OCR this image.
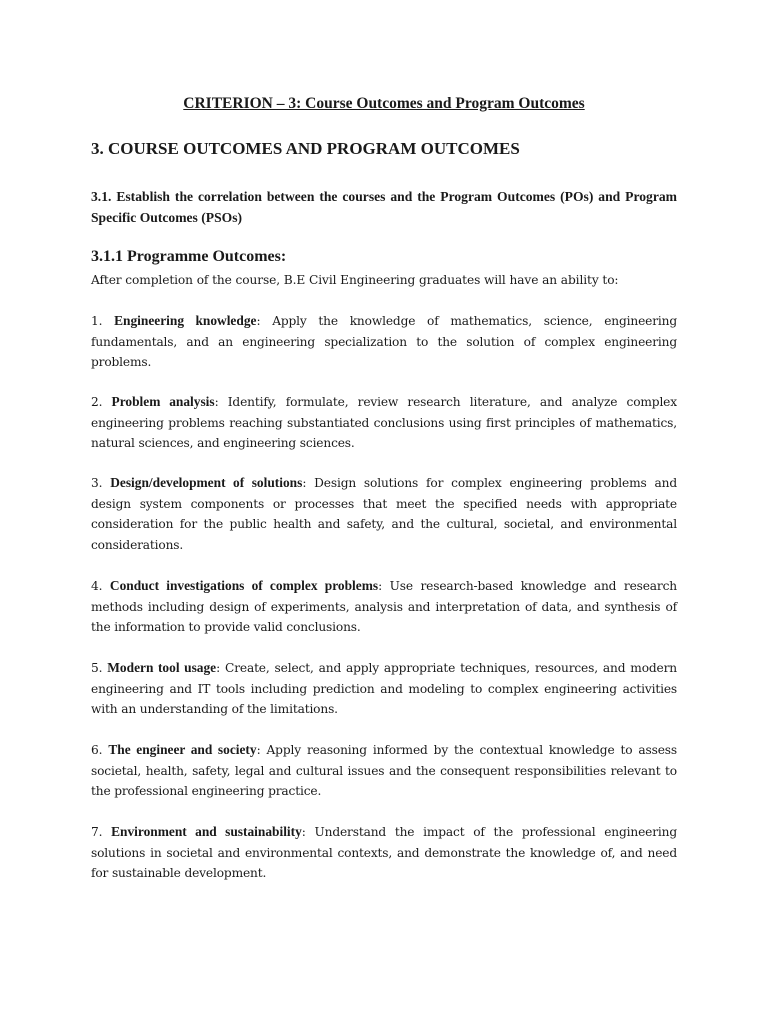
CRITERION – 3: Course Outcomes and Program Outcomes
3. COURSE OUTCOMES AND PROGRAM OUTCOMES
3.1. Establish the correlation between the courses and the Program Outcomes (POs) and Program Specific Outcomes (PSOs)
3.1.1 Programme Outcomes:

After completion of the course, B.E Civil Engineering graduates will have an ability to:

1. Engineering knowledge: Apply the knowledge of mathematics, science, engineering fundamentals, and an engineering specialization to the solution of complex engineering problems.

2. Problem analysis: Identify, formulate, review research literature, and analyze complex engineering problems reaching substantiated conclusions using first principles of mathematics, natural sciences, and engineering sciences.

3. Design/development of solutions: Design solutions for complex engineering problems and design system components or processes that meet the specified needs with appropriate consideration for the public health and safety, and the cultural, societal, and environmental considerations.

4. Conduct investigations of complex problems: Use research-based knowledge and research methods including design of experiments, analysis and interpretation of data, and synthesis of the information to provide valid conclusions.

5. Modern tool usage: Create, select, and apply appropriate techniques, resources, and modern engineering and IT tools including prediction and modeling to complex engineering activities with an understanding of the limitations.

6. The engineer and society: Apply reasoning informed by the contextual knowledge to assess societal, health, safety, legal and cultural issues and the consequent responsibilities relevant to the professional engineering practice.

7. Environment and sustainability: Understand the impact of the professional engineering solutions in societal and environmental contexts, and demonstrate the knowledge of, and need for sustainable development.
